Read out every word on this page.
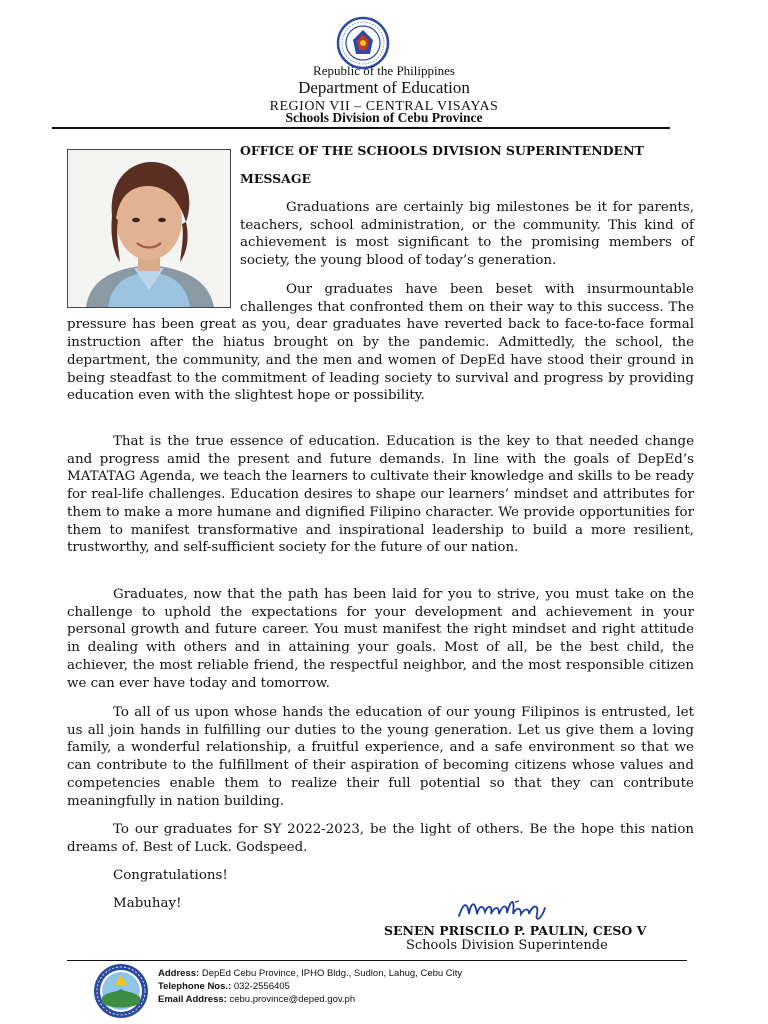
Republic of the Philippines
Department of Education
REGION VII – CENTRAL VISAYAS
Schools Division of Cebu Province
OFFICE OF THE SCHOOLS DIVISION SUPERINTENDENT
MESSAGE

Graduations are certainly big milestones be it for parents, teachers, school administration, or the community. This kind of achievement is most significant to the promising members of society, the young blood of today’s generation.

Our graduates have been beset with insurmountable challenges that confronted them on their way to this success. The pressure has been great as you, dear graduates have reverted back to face-to-face formal instruction after the hiatus brought on by the pandemic. Admittedly, the school, the department, the community, and the men and women of DepEd have stood their ground in being steadfast to the commitment of leading society to survival and progress by providing education even with the slightest hope or possibility.

That is the true essence of education. Education is the key to that needed change and progress amid the present and future demands. In line with the goals of DepEd’s MATATAG Agenda, we teach the learners to cultivate their knowledge and skills to be ready for real-life challenges. Education desires to shape our learners’ mindset and attributes for them to make a more humane and dignified Filipino character. We provide opportunities for them to manifest transformative and inspirational leadership to build a more resilient, trustworthy, and self-sufficient society for the future of our nation.

Graduates, now that the path has been laid for you to strive, you must take on the challenge to uphold the expectations for your development and achievement in your personal growth and future career. You must manifest the right mindset and right attitude in dealing with others and in attaining your goals. Most of all, be the best child, the achiever, the most reliable friend, the respectful neighbor, and the most responsible citizen we can ever have today and tomorrow.

To all of us upon whose hands the education of our young Filipinos is entrusted, let us all join hands in fulfilling our duties to the young generation. Let us give them a loving family, a wonderful relationship, a fruitful experience, and a safe environment so that we can contribute to the fulfillment of their aspiration of becoming citizens whose values and competencies enable them to realize their full potential so that they can contribute meaningfully in nation building.

To our graduates for SY 2022-2023, be the light of others. Be the hope this nation dreams of. Best of Luck. Godspeed.

Congratulations!
Mabuhay!
SENEN PRISCILO P. PAULIN, CESO V
Schools Division Superintende
Address: DepEd Cebu Province, IPHO Bldg., Sudlon, Lahug, Cebu City
Telephone Nos.: 032-2556405
Email Address: cebu.province@deped.gov.ph
